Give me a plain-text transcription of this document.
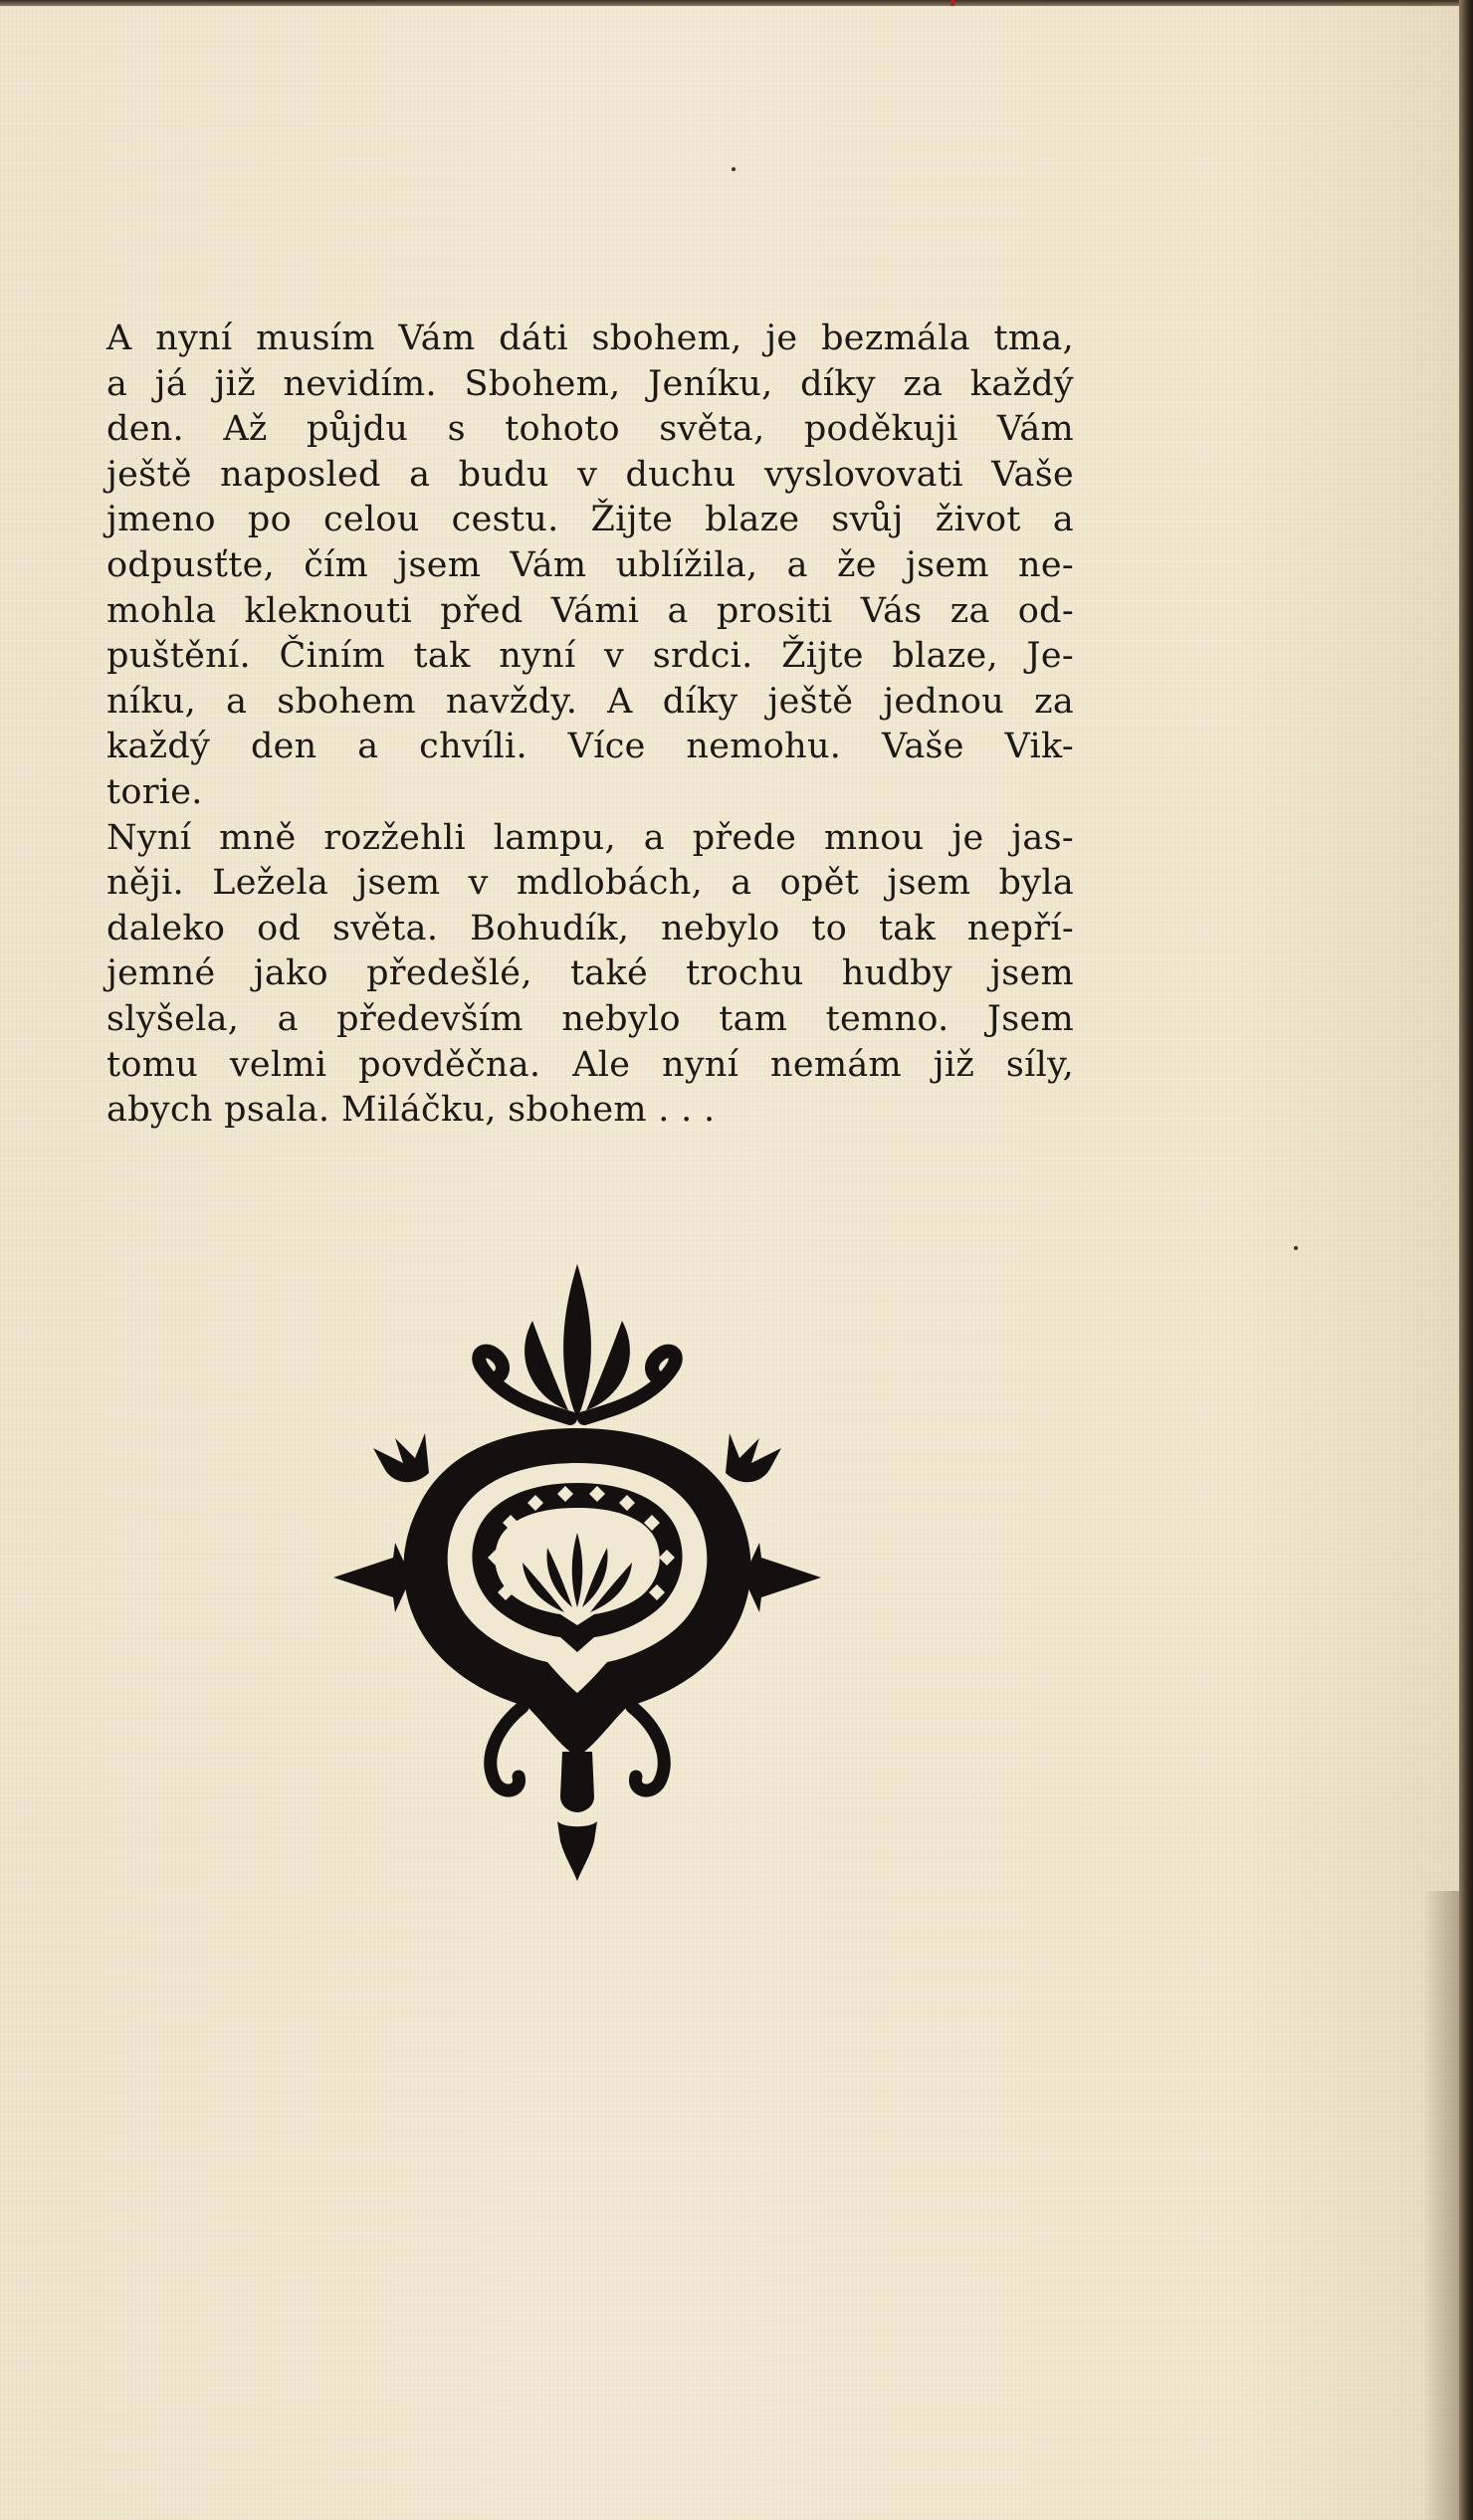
A nyní musím Vám dáti sbohem, je bezmála tma,

a já již nevidím. Sbohem, Jeníku, díky za každý

den. Až půjdu s tohoto světa, poděkuji Vám

ještě naposled a budu v duchu vyslovovati Vaše

jmeno po celou cestu. Žijte blaze svůj život a

odpusťte, čím jsem Vám ublížila, a že jsem ne-

mohla kleknouti před Vámi a prositi Vás za od-

puštění. Činím tak nyní v srdci. Žijte blaze, Je-

níku, a sbohem navždy. A díky ještě jednou za

každý den a chvíli. Více nemohu. Vaše Vik-

torie.

Nyní mně rozžehli lampu, a přede mnou je jas-

něji. Ležela jsem v mdlobách, a opět jsem byla

daleko od světa. Bohudík, nebylo to tak nepří-

jemné jako předešlé, také trochu hudby jsem

slyšela, a především nebylo tam temno. Jsem

tomu velmi povděčna. Ale nyní nemám již síly,

abych psala. Miláčku, sbohem . . .
